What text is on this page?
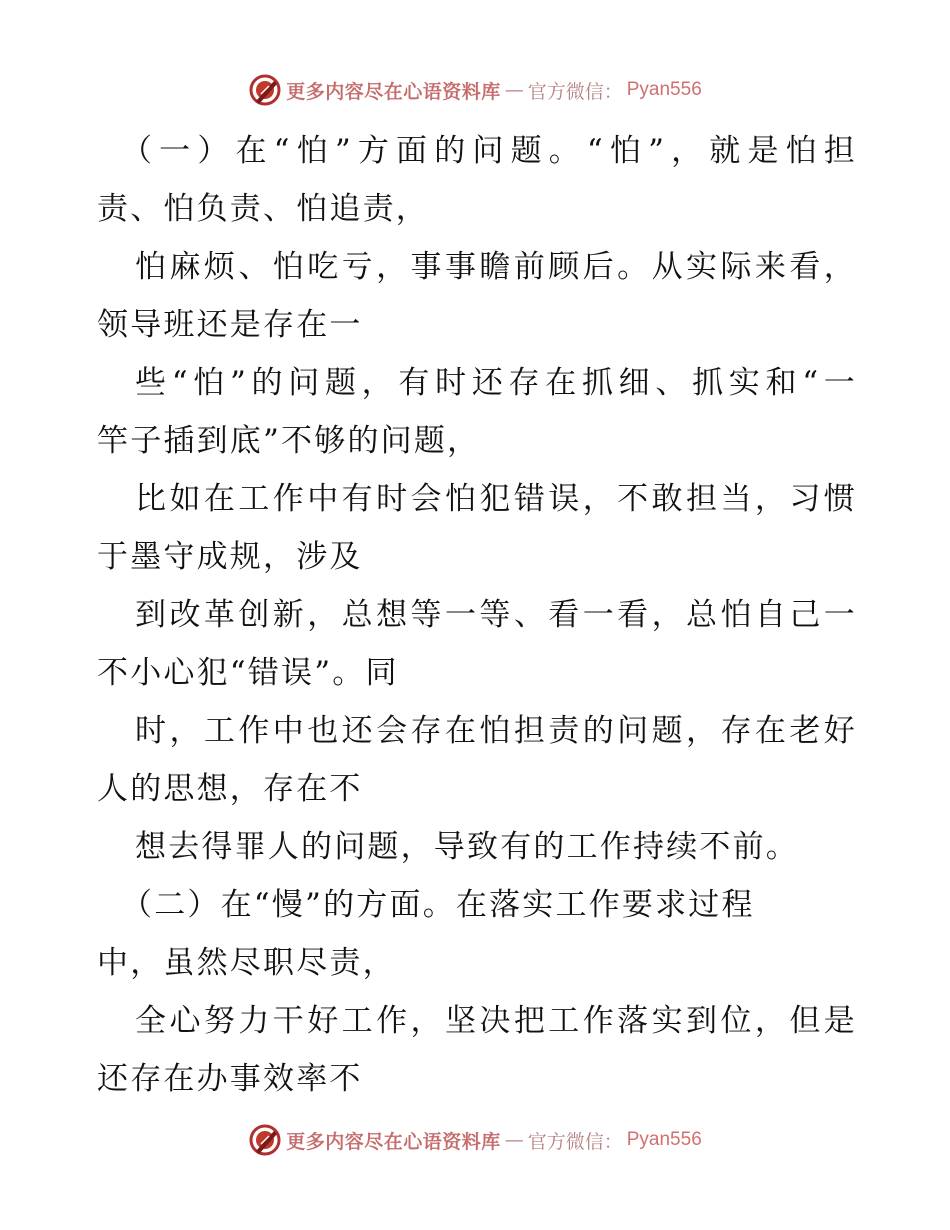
更多内容尽在心语资料库 — 官方微信： Pyan556
（一）在“怕”方面的问题。“怕”，就是怕担
责、怕负责、怕追责，
怕麻烦、怕吃亏，事事瞻前顾后。从实际来看，
领导班还是存在一
些“怕”的问题，有时还存在抓细、抓实和“一
竿子插到底”不够的问题，
比如在工作中有时会怕犯错误，不敢担当，习惯
于墨守成规，涉及
到改革创新，总想等一等、看一看，总怕自己一
不小心犯“错误”。同
时，工作中也还会存在怕担责的问题，存在老好
人的思想，存在不
想去得罪人的问题，导致有的工作持续不前。
（二）在“慢”的方面。在落实工作要求过程
中，虽然尽职尽责，
全心努力干好工作，坚决把工作落实到位，但是
还存在办事效率不
更多内容尽在心语资料库 — 官方微信： Pyan556
